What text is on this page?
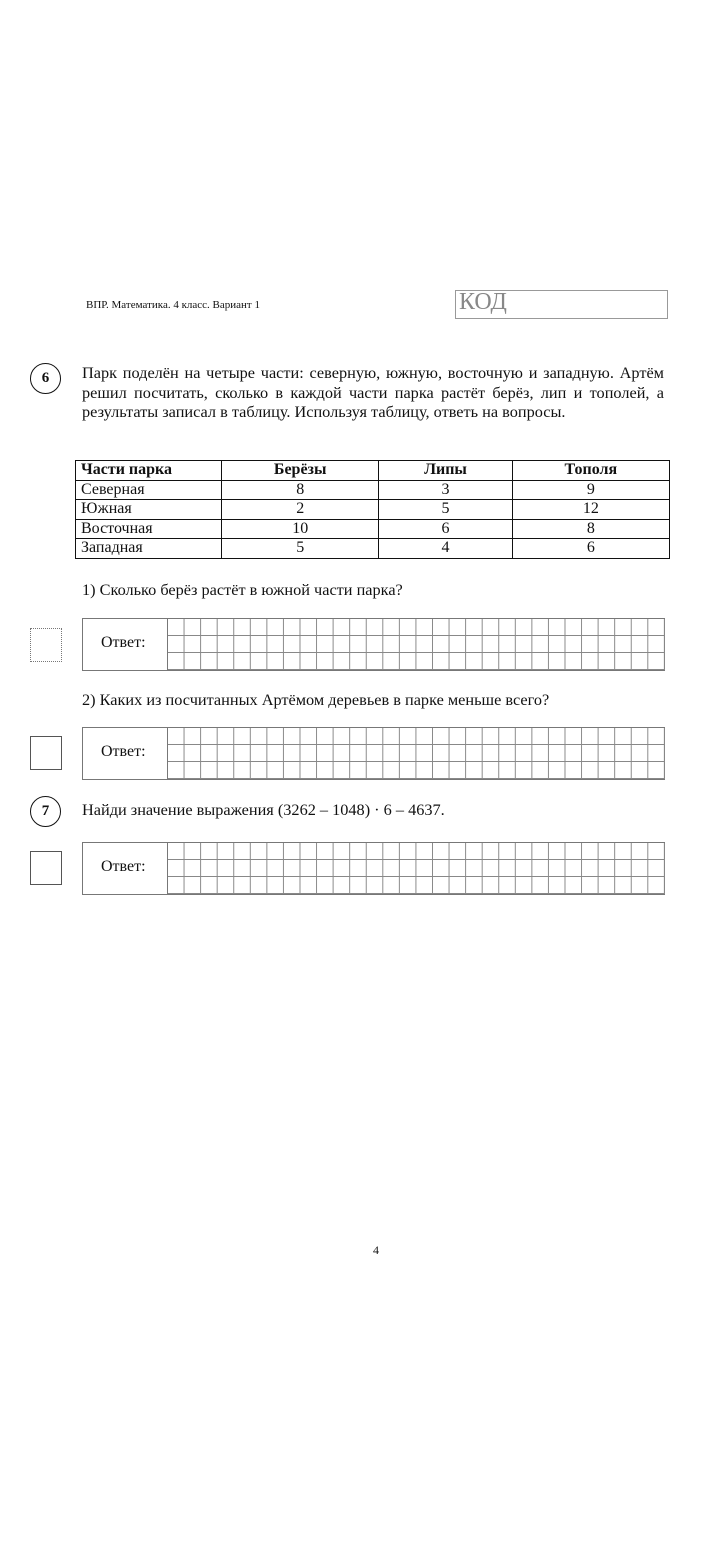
ВПР. Математика. 4 класс. Вариант 1	КОД
6	Парк поделён на четыре части: северную, южную, восточную и западную. Артём решил посчитать, сколько в каждой части парка растёт берёз, лип и тополей, а результаты записал в таблицу. Используя таблицу, ответь на вопросы.
Части парка	Берёзы	Липы	Тополя
Северная	8	3	9
Южная	2	5	12
Восточная	10	6	8
Западная	5	4	6
1) Сколько берёз растёт в южной части парка?
Ответ:
2) Каких из посчитанных Артёмом деревьев в парке меньше всего?
Ответ:
7	Найди значение выражения (3262 – 1048) · 6 – 4637.
Ответ:
4
